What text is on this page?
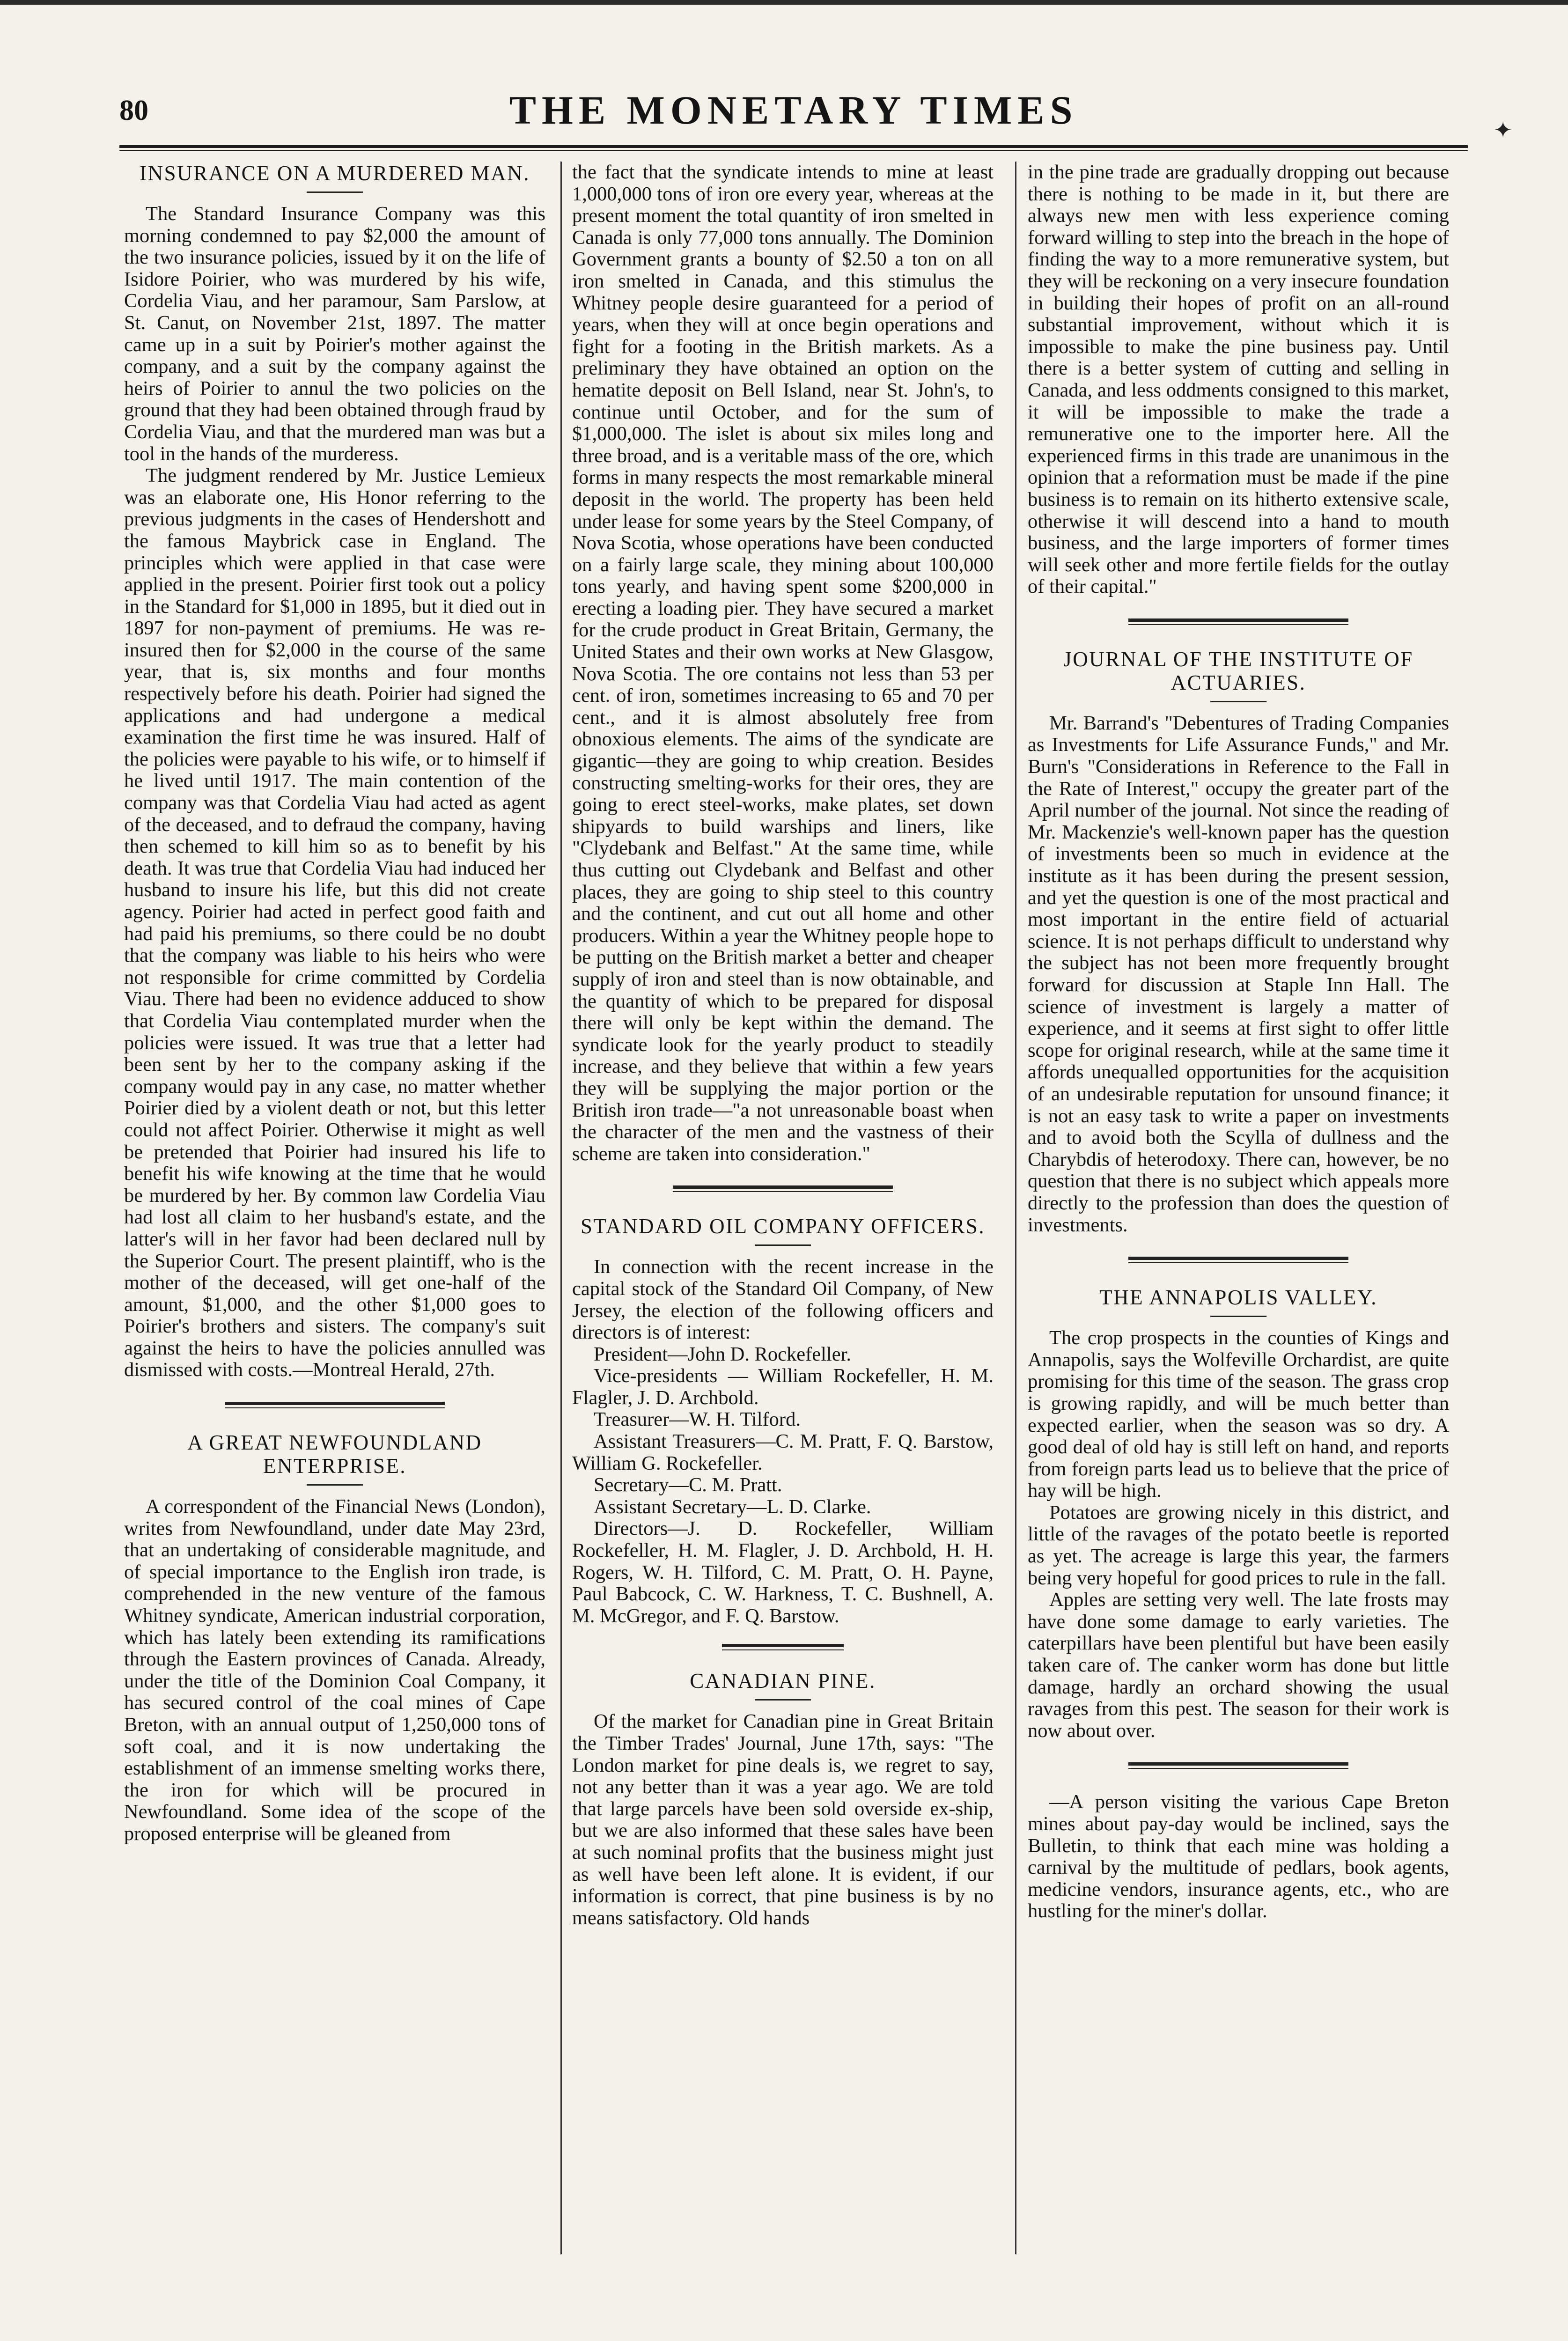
80	THE MONETARY TIMES	✦
INSURANCE ON A MURDERED MAN.

The Standard Insurance Company was this morning condemned to pay $2,000 the amount of the two insurance policies, issued by it on the life of Isidore Poirier, who was murdered by his wife, Cordelia Viau, and her paramour, Sam Parslow, at St. Canut, on November 21st, 1897. The matter came up in a suit by Poirier's mother against the company, and a suit by the company against the heirs of Poirier to annul the two policies on the ground that they had been obtained through fraud by Cordelia Viau, and that the murdered man was but a tool in the hands of the murderess.

The judgment rendered by Mr. Justice Lemieux was an elaborate one, His Honor referring to the previous judgments in the cases of Hendershott and the famous Maybrick case in England. The principles which were applied in that case were applied in the present. Poirier first took out a policy in the Standard for $1,000 in 1895, but it died out in 1897 for non-payment of premiums. He was re-insured then for $2,000 in the course of the same year, that is, six months and four months respectively before his death. Poirier had signed the applications and had undergone a medical examination the first time he was insured. Half of the policies were payable to his wife, or to himself if he lived until 1917. The main contention of the company was that Cordelia Viau had acted as agent of the deceased, and to defraud the company, having then schemed to kill him so as to benefit by his death. It was true that Cordelia Viau had induced her husband to insure his life, but this did not create agency. Poirier had acted in perfect good faith and had paid his premiums, so there could be no doubt that the company was liable to his heirs who were not responsible for crime committed by Cordelia Viau. There had been no evidence adduced to show that Cordelia Viau contemplated murder when the policies were issued. It was true that a letter had been sent by her to the company asking if the company would pay in any case, no matter whether Poirier died by a violent death or not, but this letter could not affect Poirier. Otherwise it might as well be pretended that Poirier had insured his life to benefit his wife knowing at the time that he would be murdered by her. By common law Cordelia Viau had lost all claim to her husband's estate, and the latter's will in her favor had been declared null by the Superior Court. The present plaintiff, who is the mother of the deceased, will get one-half of the amount, $1,000, and the other $1,000 goes to Poirier's brothers and sisters. The company's suit against the heirs to have the policies annulled was dismissed with costs.—Montreal Herald, 27th.

A GREAT NEWFOUNDLAND ENTERPRISE.

A correspondent of the Financial News (London), writes from Newfoundland, under date May 23rd, that an undertaking of considerable magnitude, and of special importance to the English iron trade, is comprehended in the new venture of the famous Whitney syndicate, American industrial corporation, which has lately been extending its ramifications through the Eastern provinces of Canada. Already, under the title of the Dominion Coal Company, it has secured control of the coal mines of Cape Breton, with an annual output of 1,250,000 tons of soft coal, and it is now undertaking the establishment of an immense smelting works there, the iron for which will be procured in Newfoundland. Some idea of the scope of the proposed enterprise will be gleaned from

the fact that the syndicate intends to mine at least 1,000,000 tons of iron ore every year, whereas at the present moment the total quantity of iron smelted in Canada is only 77,000 tons annually. The Dominion Government grants a bounty of $2.50 a ton on all iron smelted in Canada, and this stimulus the Whitney people desire guaranteed for a period of years, when they will at once begin operations and fight for a footing in the British markets. As a preliminary they have obtained an option on the hematite deposit on Bell Island, near St. John's, to continue until October, and for the sum of $1,000,000. The islet is about six miles long and three broad, and is a veritable mass of the ore, which forms in many respects the most remarkable mineral deposit in the world. The property has been held under lease for some years by the Steel Company, of Nova Scotia, whose operations have been conducted on a fairly large scale, they mining about 100,000 tons yearly, and having spent some $200,000 in erecting a loading pier. They have secured a market for the crude product in Great Britain, Germany, the United States and their own works at New Glasgow, Nova Scotia. The ore contains not less than 53 per cent. of iron, sometimes increasing to 65 and 70 per cent., and it is almost absolutely free from obnoxious elements. The aims of the syndicate are gigantic—they are going to whip creation. Besides constructing smelting-works for their ores, they are going to erect steel-works, make plates, set down shipyards to build warships and liners, like "Clydebank and Belfast." At the same time, while thus cutting out Clydebank and Belfast and other places, they are going to ship steel to this country and the continent, and cut out all home and other producers. Within a year the Whitney people hope to be putting on the British market a better and cheaper supply of iron and steel than is now obtainable, and the quantity of which to be prepared for disposal there will only be kept within the demand. The syndicate look for the yearly product to steadily increase, and they believe that within a few years they will be supplying the major portion or the British iron trade—"a not unreasonable boast when the character of the men and the vastness of their scheme are taken into consideration."

STANDARD OIL COMPANY OFFICERS.

In connection with the recent increase in the capital stock of the Standard Oil Company, of New Jersey, the election of the following officers and directors is of interest:

President—John D. Rockefeller.

Vice-presidents — William Rockefeller, H. M. Flagler, J. D. Archbold.

Treasurer—W. H. Tilford.

Assistant Treasurers—C. M. Pratt, F. Q. Barstow, William G. Rockefeller.

Secretary—C. M. Pratt.

Assistant Secretary—L. D. Clarke.

Directors—J. D. Rockefeller, William Rockefeller, H. M. Flagler, J. D. Archbold, H. H. Rogers, W. H. Tilford, C. M. Pratt, O. H. Payne, Paul Babcock, C. W. Harkness, T. C. Bushnell, A. M. McGregor, and F. Q. Barstow.

CANADIAN PINE.

Of the market for Canadian pine in Great Britain the Timber Trades' Journal, June 17th, says: "The London market for pine deals is, we regret to say, not any better than it was a year ago. We are told that large parcels have been sold overside ex-ship, but we are also informed that these sales have been at such nominal profits that the business might just as well have been left alone. It is evident, if our information is correct, that pine business is by no means satisfactory. Old hands

in the pine trade are gradually dropping out because there is nothing to be made in it, but there are always new men with less experience coming forward willing to step into the breach in the hope of finding the way to a more remunerative system, but they will be reckoning on a very insecure foundation in building their hopes of profit on an all-round substantial improvement, without which it is impossible to make the pine business pay. Until there is a better system of cutting and selling in Canada, and less oddments consigned to this market, it will be impossible to make the trade a remunerative one to the importer here. All the experienced firms in this trade are unanimous in the opinion that a reformation must be made if the pine business is to remain on its hitherto extensive scale, otherwise it will descend into a hand to mouth business, and the large importers of former times will seek other and more fertile fields for the outlay of their capital."

JOURNAL OF THE INSTITUTE OF ACTUARIES.

Mr. Barrand's "Debentures of Trading Companies as Investments for Life Assurance Funds," and Mr. Burn's "Considerations in Reference to the Fall in the Rate of Interest," occupy the greater part of the April number of the journal. Not since the reading of Mr. Mackenzie's well-known paper has the question of investments been so much in evidence at the institute as it has been during the present session, and yet the question is one of the most practical and most important in the entire field of actuarial science. It is not perhaps difficult to understand why the subject has not been more frequently brought forward for discussion at Staple Inn Hall. The science of investment is largely a matter of experience, and it seems at first sight to offer little scope for original research, while at the same time it affords unequalled opportunities for the acquisition of an undesirable reputation for unsound finance; it is not an easy task to write a paper on investments and to avoid both the Scylla of dullness and the Charybdis of heterodoxy. There can, however, be no question that there is no subject which appeals more directly to the profession than does the question of investments.

THE ANNAPOLIS VALLEY.

The crop prospects in the counties of Kings and Annapolis, says the Wolfeville Orchardist, are quite promising for this time of the season. The grass crop is growing rapidly, and will be much better than expected earlier, when the season was so dry. A good deal of old hay is still left on hand, and reports from foreign parts lead us to believe that the price of hay will be high.

Potatoes are growing nicely in this district, and little of the ravages of the potato beetle is reported as yet. The acreage is large this year, the farmers being very hopeful for good prices to rule in the fall.

Apples are setting very well. The late frosts may have done some damage to early varieties. The caterpillars have been plentiful but have been easily taken care of. The canker worm has done but little damage, hardly an orchard showing the usual ravages from this pest. The season for their work is now about over.

—A person visiting the various Cape Breton mines about pay-day would be inclined, says the Bulletin, to think that each mine was holding a carnival by the multitude of pedlars, book agents, medicine vendors, insurance agents, etc., who are hustling for the miner's dollar.
